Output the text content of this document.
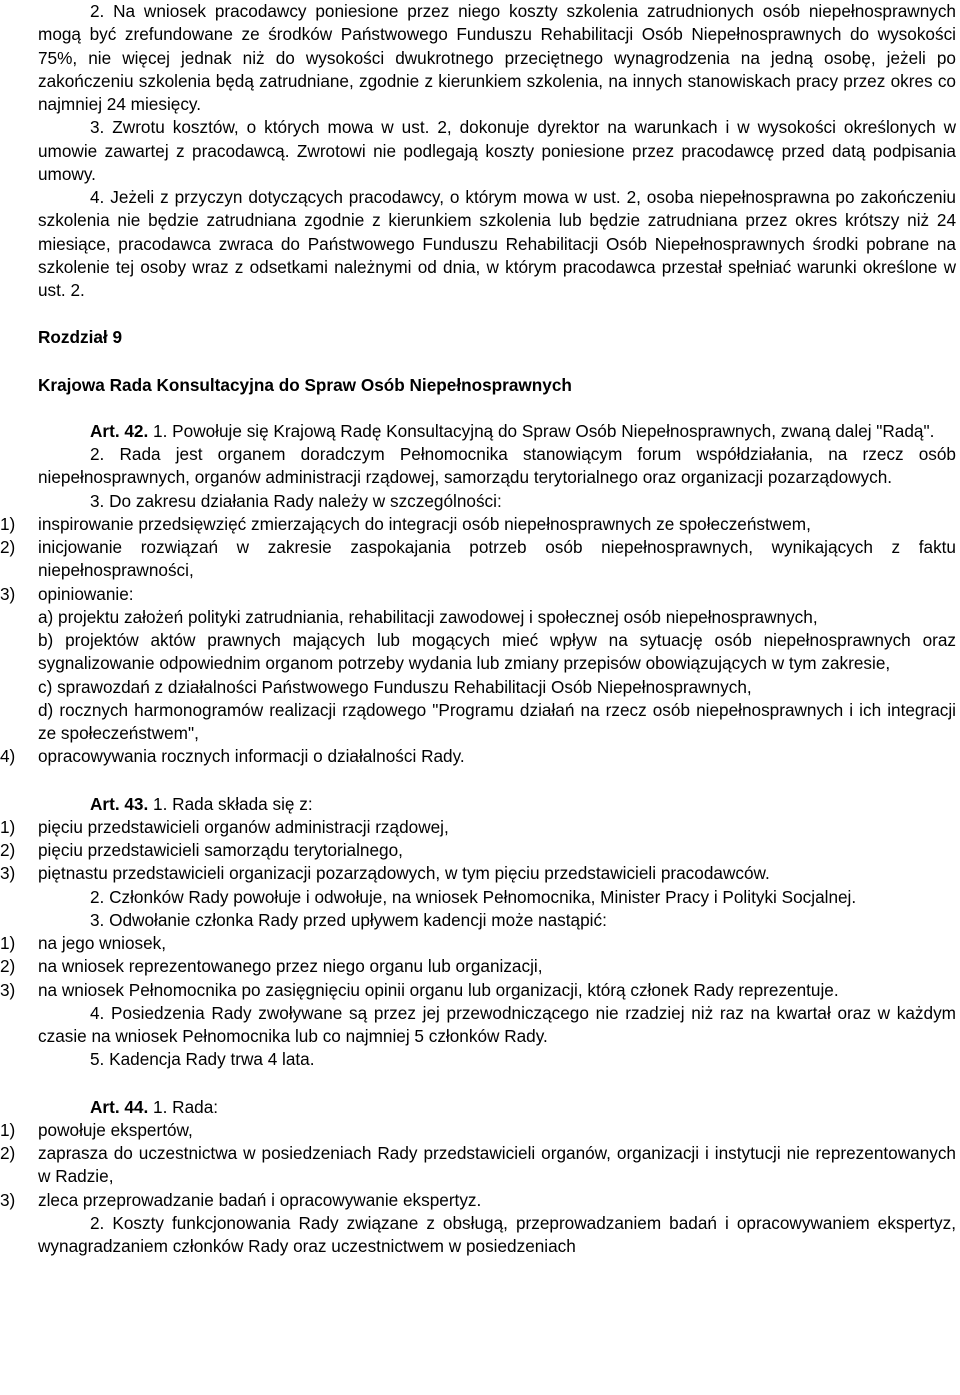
2. Na wniosek pracodawcy poniesione przez niego koszty szkolenia zatrudnionych osób niepełnosprawnych mogą być zrefundowane ze środków Państwowego Funduszu Rehabilitacji Osób Niepełnosprawnych do wysokości 75%, nie więcej jednak niż do wysokości dwukrotnego przeciętnego wynagrodzenia na jedną osobę, jeżeli po zakończeniu szkolenia będą zatrudniane, zgodnie z kierunkiem szkolenia, na innych stanowiskach pracy przez okres co najmniej 24 miesięcy.

3. Zwrotu kosztów, o których mowa w ust. 2, dokonuje dyrektor na warunkach i w wysokości określonych w umowie zawartej z pracodawcą. Zwrotowi nie podlegają koszty poniesione przez pracodawcę przed datą podpisania umowy.

4. Jeżeli z przyczyn dotyczących pracodawcy, o którym mowa w ust. 2, osoba niepełnosprawna po zakończeniu szkolenia nie będzie zatrudniana zgodnie z kierunkiem szkolenia lub będzie zatrudniana przez okres krótszy niż 24 miesiące, pracodawca zwraca do Państwowego Funduszu Rehabilitacji Osób Niepełnosprawnych środki pobrane na szkolenie tej osoby wraz z odsetkami należnymi od dnia, w którym pracodawca przestał spełniać warunki określone w ust. 2.

Rozdział 9

Krajowa Rada Konsultacyjna do Spraw Osób Niepełnosprawnych

Art. 42. 1. Powołuje się Krajową Radę Konsultacyjną do Spraw Osób Niepełnosprawnych, zwaną dalej "Radą".

2. Rada jest organem doradczym Pełnomocnika stanowiącym forum współdziałania, na rzecz osób niepełnosprawnych, organów administracji rządowej, samorządu terytorialnego oraz organizacji pozarządowych.

3. Do zakresu działania Rady należy w szczególności:

1)	inspirowanie przedsięwzięć zmierzających do integracji osób niepełnosprawnych ze społeczeństwem,
2)	inicjowanie rozwiązań w zakresie zaspokajania potrzeb osób niepełnosprawnych, wynikających z faktu niepełnosprawności,
3)	opiniowanie:

a) projektu założeń polityki zatrudniania, rehabilitacji zawodowej i społecznej osób niepełnosprawnych,

b) projektów aktów prawnych mających lub mogących mieć wpływ na sytuację osób niepełnosprawnych oraz sygnalizowanie odpowiednim organom potrzeby wydania lub zmiany przepisów obowiązujących w tym zakresie,

c) sprawozdań z działalności Państwowego Funduszu Rehabilitacji Osób Niepełnosprawnych,

d) rocznych harmonogramów realizacji rządowego "Programu działań na rzecz osób niepełnosprawnych i ich integracji ze społeczeństwem",

4)	opracowywania rocznych informacji o działalności Rady.

Art. 43. 1. Rada składa się z:

1)	pięciu przedstawicieli organów administracji rządowej,
2)	pięciu przedstawicieli samorządu terytorialnego,
3)	piętnastu przedstawicieli organizacji pozarządowych, w tym pięciu przedstawicieli pracodawców.

2. Członków Rady powołuje i odwołuje, na wniosek Pełnomocnika, Minister Pracy i Polityki Socjalnej.

3. Odwołanie członka Rady przed upływem kadencji może nastąpić:

1)	na jego wniosek,
2)	na wniosek reprezentowanego przez niego organu lub organizacji,
3)	na wniosek Pełnomocnika po zasięgnięciu opinii organu lub organizacji, którą członek Rady reprezentuje.

4. Posiedzenia Rady zwoływane są przez jej przewodniczącego nie rzadziej niż raz na kwartał oraz w każdym czasie na wniosek Pełnomocnika lub co najmniej 5 członków Rady.

5. Kadencja Rady trwa 4 lata.

Art. 44. 1. Rada:

1)	powołuje ekspertów,
2)	zaprasza do uczestnictwa w posiedzeniach Rady przedstawicieli organów, organizacji i instytucji nie reprezentowanych w Radzie,
3)	zleca przeprowadzanie badań i opracowywanie ekspertyz.

2. Koszty funkcjonowania Rady związane z obsługą, przeprowadzaniem badań i opracowywaniem ekspertyz, wynagradzaniem członków Rady oraz uczestnictwem w posiedzeniach
